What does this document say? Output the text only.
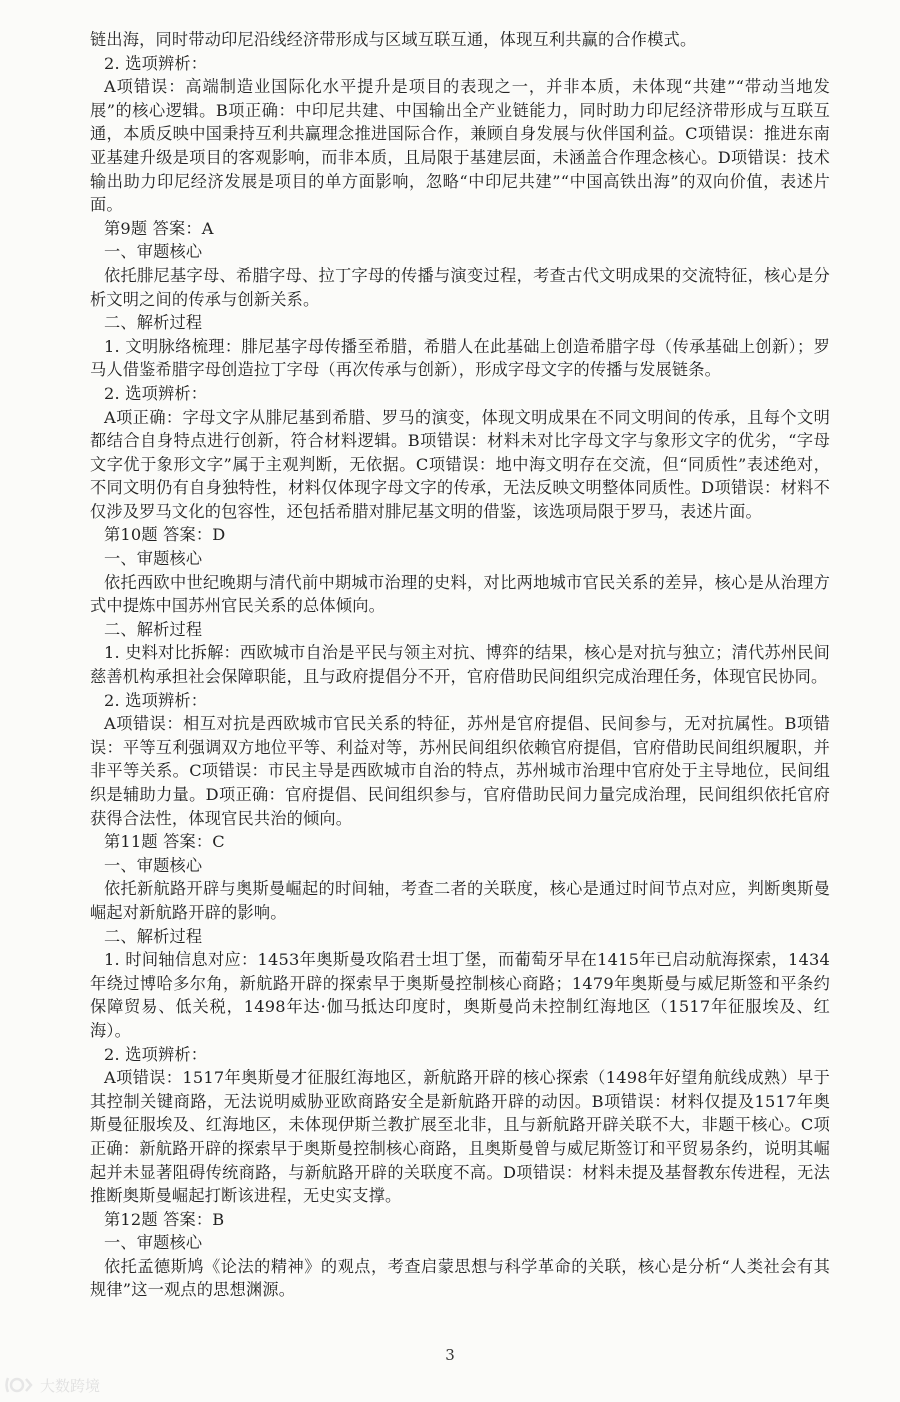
链出海，同时带动印尼沿线经济带形成与区域互联互通，体现互利共赢的合作模式。

2. 选项辨析：

A项错误：高端制造业国际化水平提升是项目的表现之一，并非本质，未体现“共建”“带动当地发展”的核心逻辑。B项正确：中印尼共建、中国输出全产业链能力，同时助力印尼经济带形成与互联互通，本质反映中国秉持互利共赢理念推进国际合作，兼顾自身发展与伙伴国利益。C项错误：推进东南亚基建升级是项目的客观影响，而非本质，且局限于基建层面，未涵盖合作理念核心。D项错误：技术输出助力印尼经济发展是项目的单方面影响，忽略“中印尼共建”“中国高铁出海”的双向价值，表述片面。

第9题 答案：A

一、审题核心

依托腓尼基字母、希腊字母、拉丁字母的传播与演变过程，考查古代文明成果的交流特征，核心是分析文明之间的传承与创新关系。

二、解析过程

1. 文明脉络梳理：腓尼基字母传播至希腊，希腊人在此基础上创造希腊字母（传承基础上创新）；罗马人借鉴希腊字母创造拉丁字母（再次传承与创新），形成字母文字的传播与发展链条。

2. 选项辨析：

A项正确：字母文字从腓尼基到希腊、罗马的演变，体现文明成果在不同文明间的传承，且每个文明都结合自身特点进行创新，符合材料逻辑。B项错误：材料未对比字母文字与象形文字的优劣，“字母文字优于象形文字”属于主观判断，无依据。C项错误：地中海文明存在交流，但“同质性”表述绝对，不同文明仍有自身独特性，材料仅体现字母文字的传承，无法反映文明整体同质性。D项错误：材料不仅涉及罗马文化的包容性，还包括希腊对腓尼基文明的借鉴，该选项局限于罗马，表述片面。

第10题 答案：D

一、审题核心

依托西欧中世纪晚期与清代前中期城市治理的史料，对比两地城市官民关系的差异，核心是从治理方式中提炼中国苏州官民关系的总体倾向。

二、解析过程

1. 史料对比拆解：西欧城市自治是平民与领主对抗、博弈的结果，核心是对抗与独立；清代苏州民间慈善机构承担社会保障职能，且与政府提倡分不开，官府借助民间组织完成治理任务，体现官民协同。

2. 选项辨析：

A项错误：相互对抗是西欧城市官民关系的特征，苏州是官府提倡、民间参与，无对抗属性。B项错误：平等互利强调双方地位平等、利益对等，苏州民间组织依赖官府提倡，官府借助民间组织履职，并非平等关系。C项错误：市民主导是西欧城市自治的特点，苏州城市治理中官府处于主导地位，民间组织是辅助力量。D项正确：官府提倡、民间组织参与，官府借助民间力量完成治理，民间组织依托官府获得合法性，体现官民共治的倾向。

第11题 答案：C

一、审题核心

依托新航路开辟与奥斯曼崛起的时间轴，考查二者的关联度，核心是通过时间节点对应，判断奥斯曼崛起对新航路开辟的影响。

二、解析过程

1. 时间轴信息对应：1453年奥斯曼攻陷君士坦丁堡，而葡萄牙早在1415年已启动航海探索，1434年绕过博哈多尔角，新航路开辟的探索早于奥斯曼控制核心商路；1479年奥斯曼与威尼斯签和平条约保障贸易、低关税，1498年达·伽马抵达印度时，奥斯曼尚未控制红海地区（1517年征服埃及、红海）。

2. 选项辨析：

A项错误：1517年奥斯曼才征服红海地区，新航路开辟的核心探索（1498年好望角航线成熟）早于其控制关键商路，无法说明威胁亚欧商路安全是新航路开辟的动因。B项错误：材料仅提及1517年奥斯曼征服埃及、红海地区，未体现伊斯兰教扩展至北非，且与新航路开辟关联不大，非题干核心。C项正确：新航路开辟的探索早于奥斯曼控制核心商路，且奥斯曼曾与威尼斯签订和平贸易条约，说明其崛起并未显著阻碍传统商路，与新航路开辟的关联度不高。D项错误：材料未提及基督教东传进程，无法推断奥斯曼崛起打断该进程，无史实支撑。

第12题 答案：B

一、审题核心

依托孟德斯鸠《论法的精神》的观点，考查启蒙思想与科学革命的关联，核心是分析“人类社会有其规律”这一观点的思想渊源。

3
大数跨境
